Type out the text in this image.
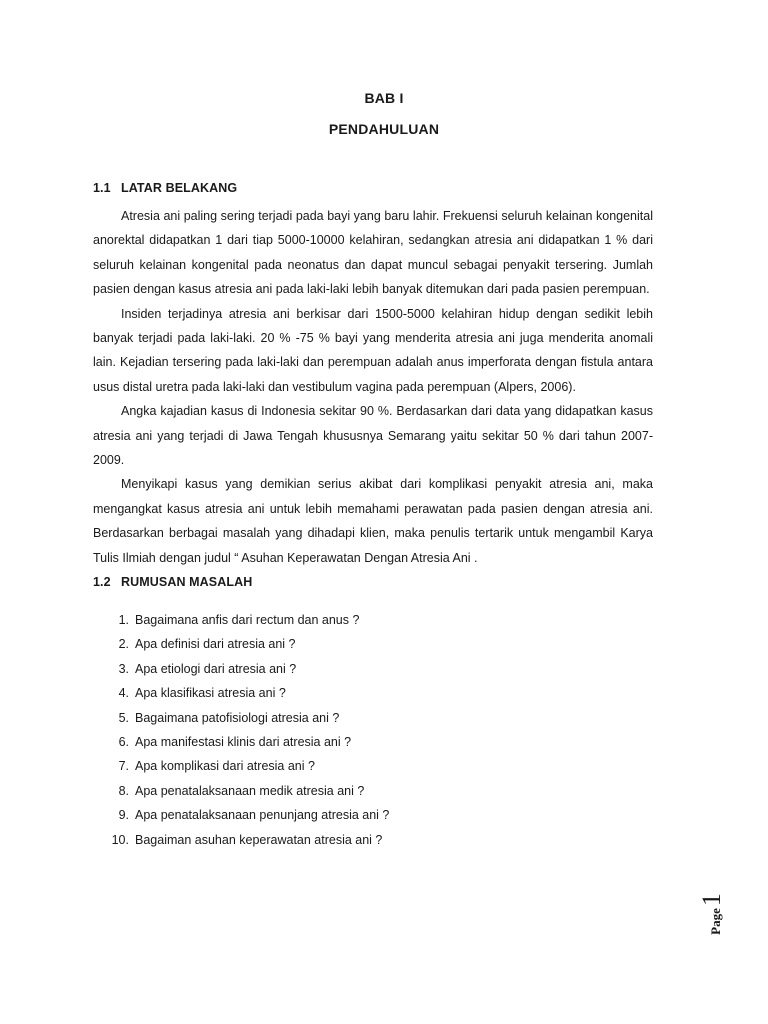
BAB I
PENDAHULUAN
1.1 LATAR BELAKANG

Atresia ani paling sering terjadi pada bayi yang baru lahir. Frekuensi seluruh kelainan kongenital anorektal didapatkan 1 dari tiap 5000-10000 kelahiran, sedangkan atresia ani didapatkan 1 % dari seluruh kelainan kongenital pada neonatus dan dapat muncul sebagai penyakit tersering. Jumlah pasien dengan kasus atresia ani pada laki-laki lebih banyak ditemukan dari pada pasien perempuan.

Insiden terjadinya atresia ani berkisar dari 1500-5000 kelahiran hidup dengan sedikit lebih banyak terjadi pada laki-laki. 20 % -75 % bayi yang menderita atresia ani juga menderita anomali lain. Kejadian tersering pada laki-laki dan perempuan adalah anus imperforata dengan fistula antara usus distal uretra pada laki-laki dan vestibulum vagina pada perempuan (Alpers, 2006).

Angka kajadian kasus di Indonesia sekitar 90 %. Berdasarkan dari data yang didapatkan kasus atresia ani yang terjadi di Jawa Tengah khususnya Semarang yaitu sekitar 50 % dari tahun 2007-2009.

Menyikapi kasus yang demikian serius akibat dari komplikasi penyakit atresia ani, maka mengangkat kasus atresia ani untuk lebih memahami perawatan pada pasien dengan atresia ani. Berdasarkan berbagai masalah yang dihadapi klien, maka penulis tertarik untuk mengambil Karya Tulis Ilmiah dengan judul “ Asuhan Keperawatan Dengan Atresia Ani .

1.2 RUMUSAN MASALAH
1. Bagaimana anfis dari rectum dan anus ?
2. Apa definisi dari atresia ani ?
3. Apa etiologi dari atresia ani ?
4. Apa klasifikasi atresia ani ?
5. Bagaimana patofisiologi atresia ani ?
6. Apa manifestasi klinis dari atresia ani ?
7. Apa komplikasi dari atresia ani ?
8. Apa penatalaksanaan medik atresia ani ?
9. Apa penatalaksanaan penunjang atresia ani ?
10. Bagaiman asuhan keperawatan atresia ani ?
Page
1
